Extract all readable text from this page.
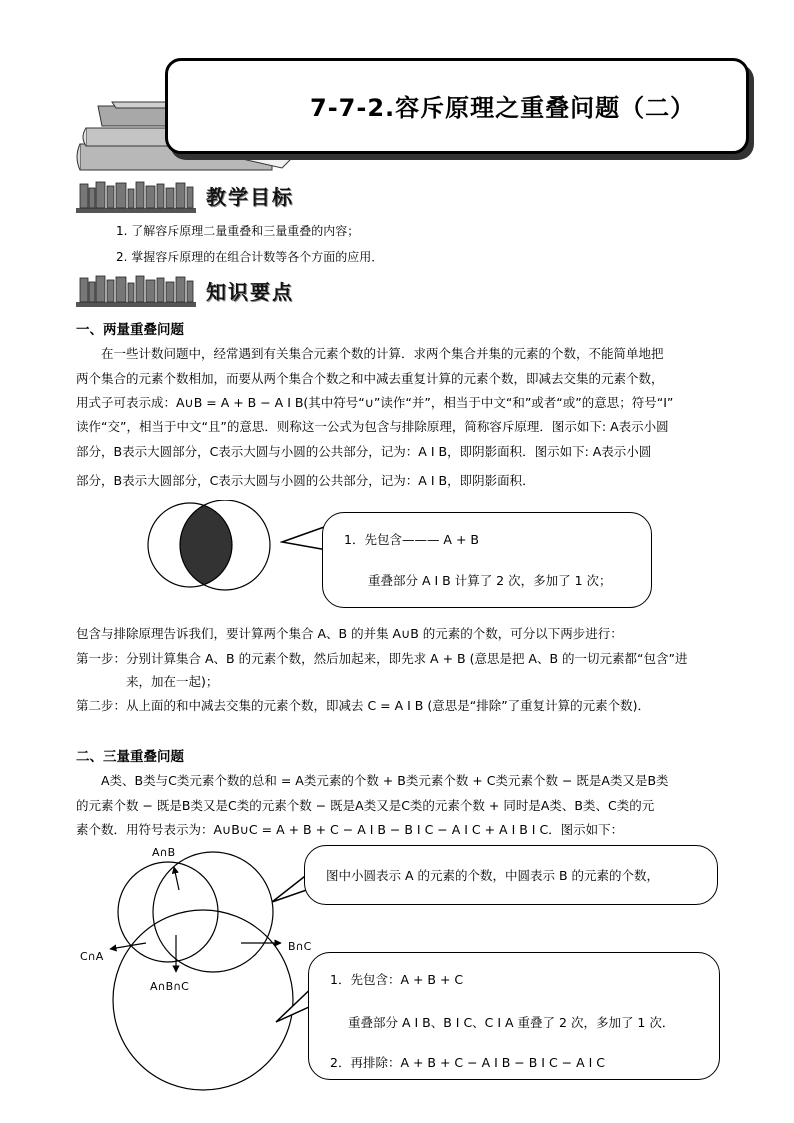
7-7-2.容斥原理之重叠问题（二）
教学目标
1. 了解容斥原理二量重叠和三量重叠的内容；
2. 掌握容斥原理的在组合计数等各个方面的应用．
知识要点
一、两量重叠问题
　　在一些计数问题中，经常遇到有关集合元素个数的计算．求两个集合并集的元素的个数，不能简单地把
两个集合的元素个数相加，而要从两个集合个数之和中减去重复计算的元素个数，即减去交集的元素个数，
用式子可表示成：A∪B = A + B − A I B(其中符号“∪”读作“并”，相当于中文“和”或者“或”的意思；符号“I”
读作“交”，相当于中文“且”的意思．则称这一公式为包含与排除原理，简称容斥原理．图示如下: A表示小圆
部分，B表示大圆部分，C表示大圆与小圆的公共部分，记为：A I B，即阴影面积．图示如下: A表示小圆
部分，B表示大圆部分，C表示大圆与小圆的公共部分，记为：A I B，即阴影面积．
1．先包含——— A + B
重叠部分 A I B 计算了 2 次，多加了 1 次；
包含与排除原理告诉我们，要计算两个集合 A、B 的并集 A∪B 的元素的个数，可分以下两步进行：
第一步：分别计算集合 A、B 的元素个数，然后加起来，即先求 A + B (意思是把 A、B 的一切元素都“包含”进
　　　　来，加在一起)；
第二步：从上面的和中减去交集的元素个数，即减去 C = A I B (意思是“排除”了重复计算的元素个数)．
二、三量重叠问题
　　A类、B类与C类元素个数的总和 = A类元素的个数 + B类元素个数 + C类元素个数 − 既是A类又是B类
的元素个数 − 既是B类又是C类的元素个数 − 既是A类又是C类的元素个数 + 同时是A类、B类、C类的元
素个数．用符号表示为：A∪B∪C = A + B + C − A I B − B I C − A I C + A I B I C．图示如下：
A∩B
C∩A
B∩C
A∩B∩C
图中小圆表示 A 的元素的个数，中圆表示 B 的元素的个数，
1．先包含：A + B + C
重叠部分 A I B、B I C、C I A 重叠了 2 次，多加了 1 次．
2．再排除：A + B + C − A I B − B I C − A I C
